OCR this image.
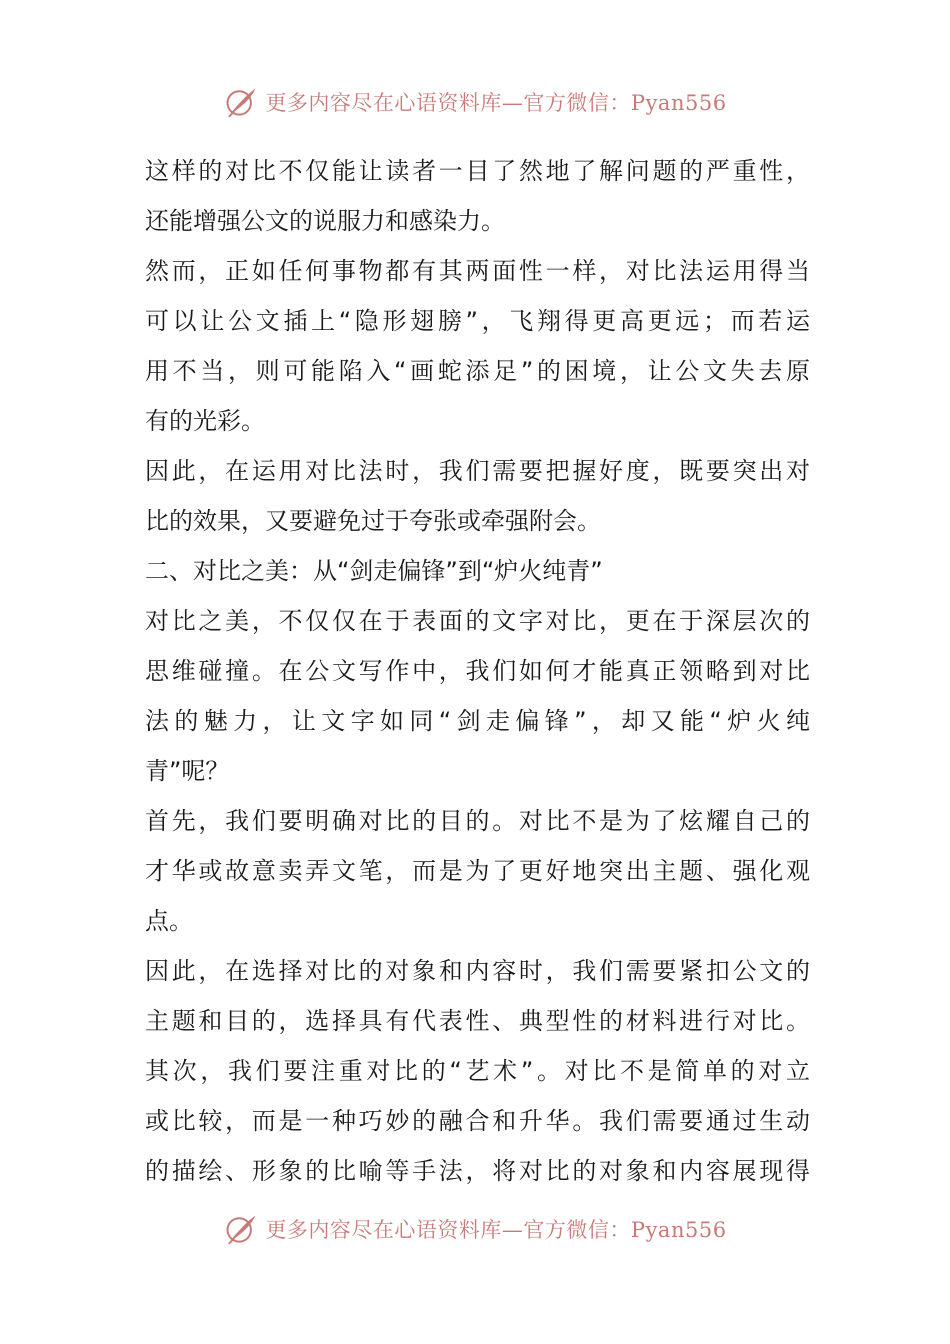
更多内容尽在心语资料库—官方微信：Pyan556
这样的对比不仅能让读者一目了然地了解问题的严重性，
还能增强公文的说服力和感染力。
然而，正如任何事物都有其两面性一样，对比法运用得当
可以让公文插上“隐形翅膀”，飞翔得更高更远；而若运
用不当，则可能陷入“画蛇添足”的困境，让公文失去原
有的光彩。
因此，在运用对比法时，我们需要把握好度，既要突出对
比的效果，又要避免过于夸张或牵强附会。
二、对比之美：从“剑走偏锋”到“炉火纯青”
对比之美，不仅仅在于表面的文字对比，更在于深层次的
思维碰撞。在公文写作中，我们如何才能真正领略到对比
法的魅力，让文字如同“剑走偏锋”，却又能“炉火纯
青”呢？
首先，我们要明确对比的目的。对比不是为了炫耀自己的
才华或故意卖弄文笔，而是为了更好地突出主题、强化观
点。
因此，在选择对比的对象和内容时，我们需要紧扣公文的
主题和目的，选择具有代表性、典型性的材料进行对比。
其次，我们要注重对比的“艺术”。对比不是简单的对立
或比较，而是一种巧妙的融合和升华。我们需要通过生动
的描绘、形象的比喻等手法，将对比的对象和内容展现得
更多内容尽在心语资料库—官方微信：Pyan556
